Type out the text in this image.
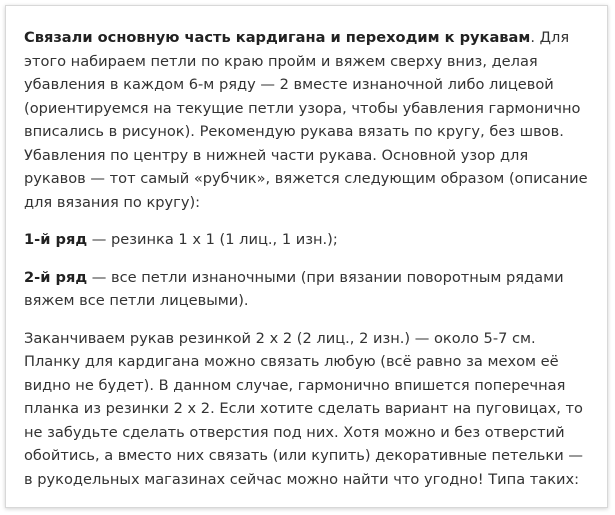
Связали основную часть кардигана и переходим к рукавам. Для этого набираем петли по краю пройм и вяжем сверху вниз, делая убавления в каждом 6-м ряду — 2 вместе изнаночной либо лицевой (ориентируемся на текущие петли узора, чтобы убавления гармонично вписались в рисунок). Рекомендую рукава вязать по кругу, без швов. Убавления по центру в нижней части рукава. Основной узор для рукавов — тот самый «рубчик», вяжется следующим образом (описание для вязания по кругу):

1-й ряд — резинка 1 х 1 (1 лиц., 1 изн.);

2-й ряд — все петли изнаночными (при вязании поворотным рядами вяжем все петли лицевыми).

Заканчиваем рукав резинкой 2 х 2 (2 лиц., 2 изн.) — около 5-7 см. Планку для кардигана можно связать любую (всё равно за мехом её видно не будет). В данном случае, гармонично впишется поперечная планка из резинки 2 х 2. Если хотите сделать вариант на пуговицах, то не забудьте сделать отверстия под них. Хотя можно и без отверстий обойтись, а вместо них связать (или купить) декоративные петельки — в рукодельных магазинах сейчас можно найти что угодно! Типа таких:
